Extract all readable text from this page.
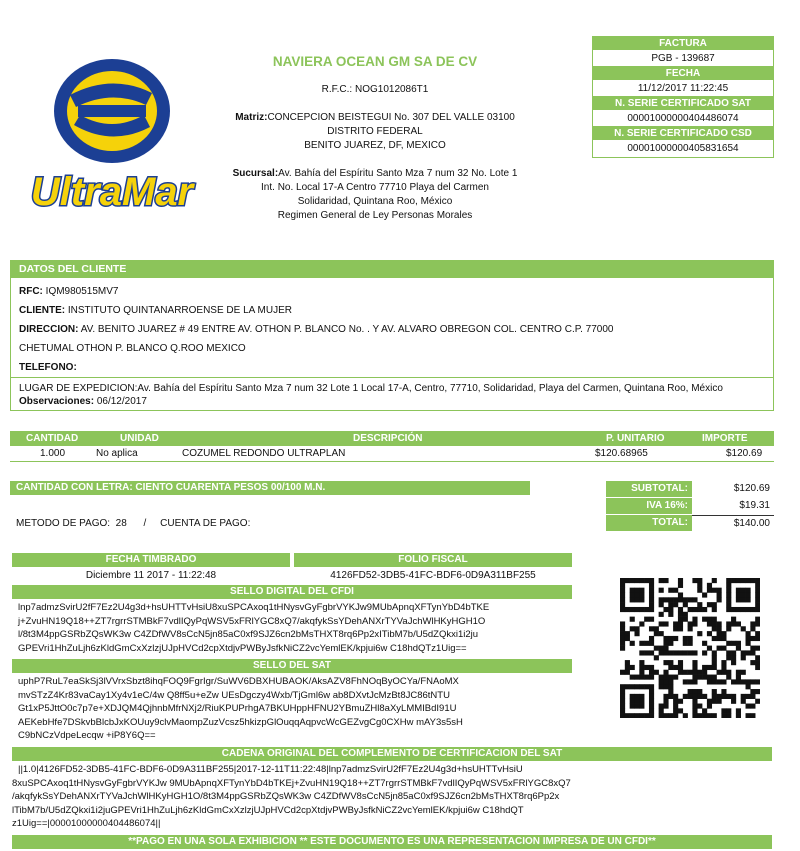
UltraMar
NAVIERA OCEAN GM SA DE CV
R.F.C.: NOG1012086T1
Matriz:CONCEPCION BEISTEGUI No. 307 DEL VALLE 03100
DISTRITO FEDERAL
BENITO JUAREZ, DF, MEXICO
Sucursal:Av. Bahía del Espíritu Santo Mza 7 num 32 No. Lote 1
Int. No. Local 17-A Centro 77710 Playa del Carmen
Solidaridad, Quintana Roo, México
Regimen General de Ley Personas Morales
FACTURA
PGB - 139687
FECHA
11/12/2017 11:22:45
N. SERIE CERTIFICADO SAT
00001000000404486074
N. SERIE CERTIFICADO CSD
00001000000405831654
DATOS DEL CLIENTE
RFC: IQM980515MV7
CLIENTE: INSTITUTO QUINTANARROENSE DE LA MUJER
DIRECCION: AV. BENITO JUAREZ # 49 ENTRE AV. OTHON P. BLANCO No. . Y AV. ALVARO OBREGON COL. CENTRO C.P. 77000
CHETUMAL OTHON P. BLANCO Q.ROO MEXICO
TELEFONO:
LUGAR DE EXPEDICION:Av. Bahía del Espíritu Santo Mza 7 num 32 Lote 1 Local 17-A, Centro, 77710, Solidaridad, Playa del Carmen, Quintana Roo, México
Observaciones: 06/12/2017
CANTIDAD	UNIDAD	DESCRIPCIÓN	P. UNITARIO	IMPORTE
1.000	No aplica	COZUMEL REDONDO ULTRAPLAN	$120.68965	$120.69
CANTIDAD CON LETRA: CIENTO CUARENTA PESOS 00/100 M.N.	SUBTOTAL:	$120.69
IVA 16%:	$19.31
TOTAL:	$140.00
METODO DE PAGO: 28 / CUENTA DE PAGO:
FECHA TIMBRADO	FOLIO FISCAL
Diciembre 11 2017 - 11:22:48	4126FD52-3DB5-41FC-BDF6-0D9A311BF255
SELLO DIGITAL DEL CFDI
lnp7admzSvirU2fF7Ez2U4g3d+hsUHTTvHsiU8xuSPCAxoq1tHNysvGyFgbrVYKJw9MUbApnqXFTynYbD4bTKE
j+ZvuHN19Q18++ZT7rgrrSTMBkF7vdlIQyPqWSV5xFRlYGC8xQ7/akqfykSsYDehANXrTYVaJchWlHKyHGH1O
l/8t3M4ppGSRbZQsWK3w C4ZDfWV8sCcN5jn85aC0xf9SJZ6cn2bMsTHXT8rq6Pp2xITibM7b/U5dZQkxi1i2ju
GPEVri1HhZuLjh6zKldGmCxXzlzjUJpHVCd2cpXtdjvPWByJsfkNiCZ2vcYemlEK/kpjui6w C18hdQTz1Uig==
SELLO DEL SAT
uphP7RuL7eaSkSj3lVVrxSbzt8ihqFOQ9FgrIgr/SuWV6DBXHUBAOK/AksAZV8FhNOqByOCYa/FNAoMX
mvSTzZ4Kr83vaCay1Xy4v1eC/4w Q8ff5u+eZw UEsDgczy4Wxb/TjGml6w ab8DXvtJcMzBt8JC86tNTU
Gt1xP5JttO0c7p7e+XDJQM4QjhnbMfrNXj2/RiuKPUPrhgA7BKUHppHFNU2YBmuZHl8aXyLMMIBdI91U
AEKebHfe7DSkvbBlcbJxKOUuy9clvMaompZuzVcsz5hkizpGlOuqqAqpvcWcGEZvgCg0CXHw mAY3s5sH
C9bNCzVdpeLecqw +iP8Y6Q==
CADENA ORIGINAL DEL COMPLEMENTO DE CERTIFICACION DEL SAT
||1.0|4126FD52-3DB5-41FC-BDF6-0D9A311BF255|2017-12-11T11:22:48|lnp7admzSvirU2fF7Ez2U4g3d+hsUHTTvHsiU
8xuSPCAxoq1tHNysvGyFgbrVYKJw 9MUbApnqXFTynYbD4bTKEj+ZvuHN19Q18++ZT7rgrrSTMBkF7vdlIQyPqWSV5xFRlYGC8xQ7
/akqfykSsYDehANXrTYVaJchWlHKyHGH1O/8t3M4ppGSRbZQsWK3w C4ZDfWV8sCcN5jn85aC0xf9SJZ6cn2bMsTHXT8rq6Pp2x
lTibM7b/U5dZQkxi1i2juGPEVri1HhZuLjh6zKldGmCxXzlzjUJpHVCd2cpXtdjvPWByJsfkNiCZ2vcYemlEK/kpjui6w C18hdQT
z1Uig==|00001000000404486074||
**PAGO EN UNA SOLA EXHIBICION ** ESTE DOCUMENTO ES UNA REPRESENTACION IMPRESA DE UN CFDI**
